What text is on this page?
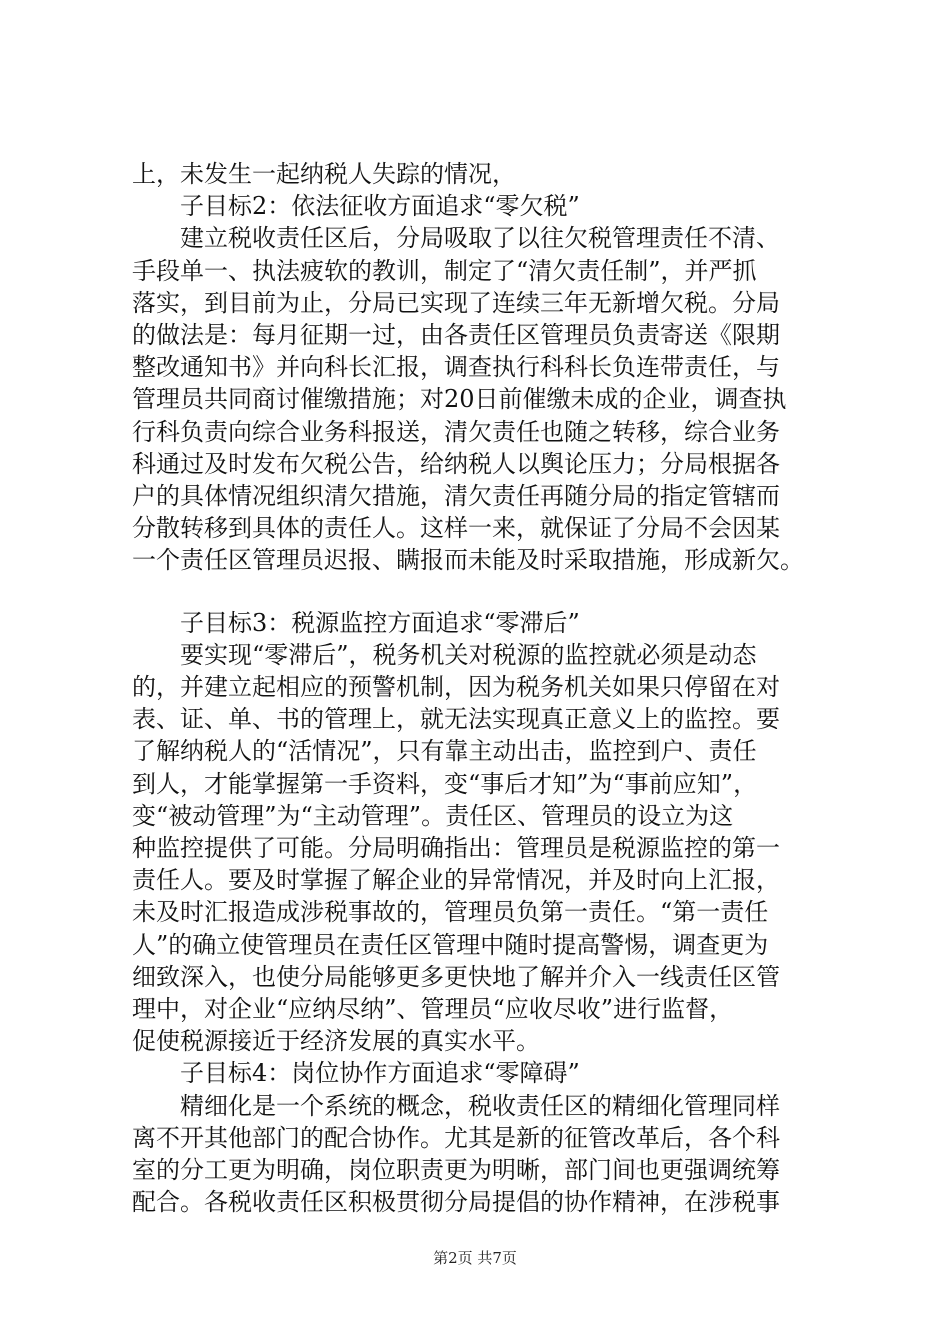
上，未发生一起纳税人失踪的情况，
子目标2：依法征收方面追求“零欠税”
建立税收责任区后，分局吸取了以往欠税管理责任不清、
手段单一、执法疲软的教训，制定了“清欠责任制”，并严抓
落实，到目前为止，分局已实现了连续三年无新增欠税。分局
的做法是：每月征期一过，由各责任区管理员负责寄送《限期
整改通知书》并向科长汇报，调查执行科科长负连带责任，与
管理员共同商讨催缴措施；对20日前催缴未成的企业，调查执
行科负责向综合业务科报送，清欠责任也随之转移，综合业务
科通过及时发布欠税公告，给纳税人以舆论压力；分局根据各
户的具体情况组织清欠措施，清欠责任再随分局的指定管辖而
分散转移到具体的责任人。这样一来，就保证了分局不会因某
一个责任区管理员迟报、瞒报而未能及时采取措施，形成新欠。
子目标3：税源监控方面追求“零滞后”
要实现“零滞后”，税务机关对税源的监控就必须是动态
的，并建立起相应的预警机制，因为税务机关如果只停留在对
表、证、单、书的管理上，就无法实现真正意义上的监控。要
了解纳税人的“活情况”，只有靠主动出击，监控到户、责任
到人，才能掌握第一手资料，变“事后才知”为“事前应知”，
变“被动管理”为“主动管理”。责任区、管理员的设立为这
种监控提供了可能。分局明确指出：管理员是税源监控的第一
责任人。要及时掌握了解企业的异常情况，并及时向上汇报，
未及时汇报造成涉税事故的，管理员负第一责任。“第一责任
人”的确立使管理员在责任区管理中随时提高警惕，调查更为
细致深入，也使分局能够更多更快地了解并介入一线责任区管
理中，对企业“应纳尽纳”、管理员“应收尽收”进行监督，
促使税源接近于经济发展的真实水平。
子目标4：岗位协作方面追求“零障碍”
精细化是一个系统的概念，税收责任区的精细化管理同样
离不开其他部门的配合协作。尤其是新的征管改革后，各个科
室的分工更为明确，岗位职责更为明晰，部门间也更强调统筹
配合。各税收责任区积极贯彻分局提倡的协作精神，在涉税事
第2页 共7页
